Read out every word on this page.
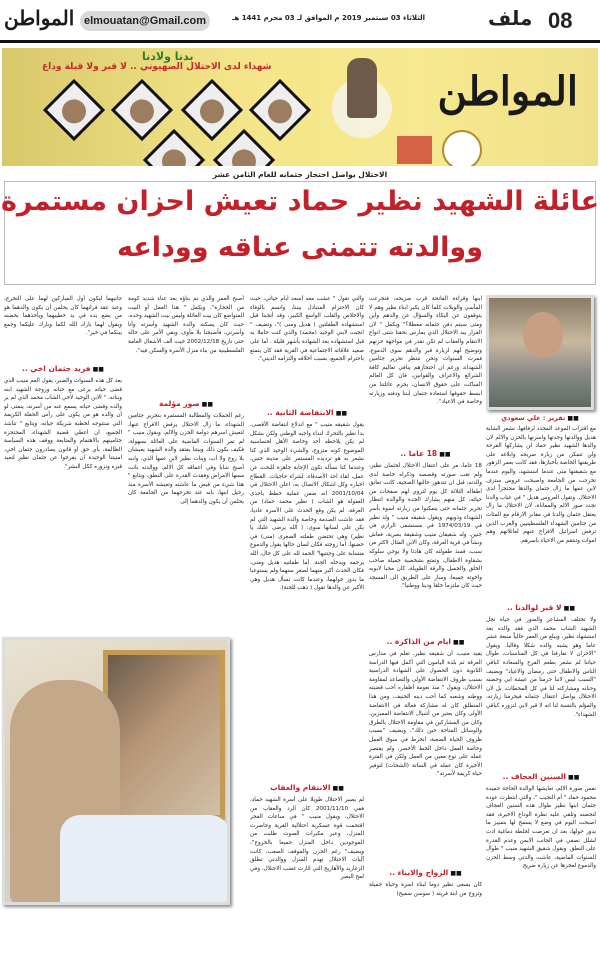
08
ملف
الثلاثاء 03 سبتمبر 2019 م الموافق لـ 03 محرم 1441 هـ
elmouatan@Gmail.com
المواطن
المواطن
بدنا ولادنا
شهداء لدى الاحتلال الصهيوني .. لا قبر ولا قبلة وداع
الاحتلال يواصل احتجاز جثمانه للعام الثامن عشر
عائلة الشهيد نظير حماد تعيش احزان مستمرة
ووالدته تتمنى عناقه ووداعه
■■ تقرير : علي سعودي
مع اقتراب الموعد المحدد لزفافها، تشعر الشابة هديل ووالدتها وجدتها واسرتها بالحزن والالم لان والدها الشهيد نظير حماد لن يشاركها الفرحة ولن تتمكن من زيارة ضريحه وابلاغه على طريقتها الخاصة بأخبارها، فقد كانت بعمر الزهور مع شقيقتها منى عندما استشهد، واليوم عندما تخرجت من الجامعة واصبحت عروس ستزف لابن عمها ما زال جثمان والدها محتجزاً لدى الاحتلال. وتقول العروس هديل " في غياب والدنا نجدد صور الالم والمعاناة، لان الاحتلال ما زال يعتقل جثمان والدنا في مقابر الارقام مع المئات من جثامين الشهداء الفلسطينيين والعرب الذين ترفض اسرائيل الافراج عنهم لعائلاتهم وهم اموات وتنتقم من الاحياء باسرهم.
■■ لا قبر لوالدنا ..
ولا تختلف المشاعر والصور في حياة نجل الشهيد الشاب محمد الذي فقد والده بعد استشهاد نظير، ويبلغ من العمر حالياً سبعة عشر عاما وهو يشبه والده شكلا وقالبا. ويقول "الاحزان لا تفارقنا في كل المناسبات، طوال حياتنا لم نشعر بطعم الفرح والسعادة كباقي الناس والاطفال حتى رمضان والاعياد" ويضيف "السبب ليس لاننا حرمنا من عيشة ابي وحضنه وحنانه ومشاركته لنا في كل المحطات، بل لان الاحتلال يواصل اعتقال جثمانه فيحرمنا زيارته، والمؤلم بالنسبة لنا انه لا قبر لابي لنزوره كباقي الشهداء".
■■ السنين العجاف ..
نفس صورة الالم، تعايشها الوالدة الحاجة حميدة محمود حماد " أم النجيب "، والتي انتظرت عودة جثمان ابنها نظير طوال هذه السنين العجاف لتحضنه وتلقي عليه نظرة الوداع الاخيرة، فقد اصبحت اليوم في وضع لا يسمح لها بتمييز ما يدور حولها، بعد ان تعرضت لجلطة دماغية ادت لشلل نصفي في الجانب الايمن وعدم القدرة على النطق. ويقول شقيق الشهيد منيب " طوال السنوات الماضية، عاشت والدتي وسط الحزن والدموع لعجزها عن زيارة ضريح
ابنها وقراءة الفاتحة قرب ضريحه، فتجرعت المآسي والويلات كلما كان يكبر ابناء نظير وهم لا يتوقفون عن البكاء والسؤال عن والدهم وأين ومتى سيتم دفن جثمانه معطلا؟" ويكمل " لان القرار بيد الاحتلال الذي يمارس بحقنا شتى انواع الانتقام والعقاب لم تكن تقدر في مواجهة حزنهم وتوضيح لهم لزيارة قبر والدهم سوى الدموع، فمرت السنوات ونحن ننتظر تحرير جثامين الشهداء، ورغم ان احتجازهم ينافي تعاليم كافة الشرائع والاعراف والقوانين، فان كل العالم الساكت على حقوق الانسان، يحرم عائلتنا من ابسط حقوقها استعادة جثمان ابننا ودفنه وزيارته وخاصة في الاعياد".
■■ 18 عاما ..
18 عاما، مر على اعتقال الاحتلال لجثمان نظير، ولم تغب صورته وقصصه وذكراه خاصة لدى والدته، قبل ان تتدهور حالتها الصحية، كانت تعانق اطفاله الثلاثة كل يوم لتروي لهم صفحات من حياته، كل منهم يشارك الجدة والوالدة انتظار تحرير جثمانه حتى يتمكنوا من زيارته اسوة بأسر الشهداء وذويهم. ويقول شقيقه منيب " ولد نظير في 1974/03/19 في مستشفى الرازي في جنين، وله شقيقان منيب وشقيقة بصرية، فعاش ونشأ في قرية العرقة، وكان الابن المثال لاكثر من سبب، فمنذ طفولته كان هادئا ولا يوحي سلوكه بشقاوة الاطفال، وتمتع بشخصية جميلة صاحب الخلق والجميل والرقة الطويلة، كان محبا لابويه واخوته جميعا، وسار على الطريق الى المسجد حيث كان ملتزما خلقا ودينا ووطنيا".
■■ ايام من الذاكرة ..
يفيد منيب، أن شقيقه نظير، تعلم في مدارس العرقة ثم بلدة اليامون التي أكمل فيها الدراسة الثانوية دون الحصول على الشهادة الدراسية بسبب ظروف الانتفاضة الأولى والتصاعد لمقاومة الاحتلال، ويقول " منذ نعومة أظفاره أحب قضيته ووطنه وشعبه كما أحب دينه الحنيف، ومن هذا المنطلق كان له مشاركة فعالة في الانتفاضة الأولى وكان يعتبر من أشبال الانتفاضة المميزين، وكان من المشاركين في مقاومة الاحتلال بالطرق والوسائل المتاحة حين ذلك"، ويضيف "بسبب ظروف الحياة الصعبة، انخرط في سوق العمل وخاصة العمل داخل الخط الأخضر، ولم يقتصر عمله على نوع معين من العمل ولكن في الفترة الأخيرة كان عمله في الساتة (الشحات) لتوفير حياة كريمة لأسرته".
■■ الزواج والابناء ..
كان يسعى نظير دوما لبناء اسرة وحياة جميلة وتزوج من ابنة قريته ( سوسن سميح)
والتي تقول " عشت معه أسعد أيام حياتي، حيث كان الاحترام المتبادل بيننا، واتسم بالوفاء والاخلاص والقلب الواسع الكبير، وقد أنجبنا قبل استشهاده الطفلتين ( هديل ومنى )"، وتضيف " انجبت لابني الوحيد (محمد) والذي كنت حاملا به قبل استشهاده بعد الشهادة بأشهر قليلة . أما على صعيد علاقاته الاجتماعية في القرية فقد كان يتمتع باحترام الجميع، بسبب أخلاقه والتزامه الديني".
■■ الانتفاضة الثانية ..
يقول شقيقه منيب " مع اندلاع انتفاضة الأقصى، بدأ نظير بالتحرك لنداء واجبه الوطني ولكن بشكل لم يكن يلاحظه أحد وخاصة الأهل لحساسية الموضوع كونه متزوج، والشيء الوحيد الذي كنا نشعر به هو ترديده المستمر على مدينة جنين، وعندما كنا نسأله تكون الإجابة جاهزة للبحث عن عمل، لقاء احد الأصدقاء، لشراء حاجيات. القطاع اخباره وكل اشكال الاتصال به، اعلن الاحتلال في 2001/10/04 انه ضمن عملية خطط باحدى العفولة هو الشاب ( نظير محمد حماد) من العرقة. لم يكن وقع الحدث على الأسرة عاديا، فقد عاشت الصدمة وخاصة والدة الشهيد التي لم يكن على لسانها سوى: ( الله يرضى عليك يا نظير) وهي تحتضن طفلته الصغرى (منى) في حضنها. أما زوجته فكان لسان حالها يقول والدموع منسابة على وجنتيها" الحمد لله على كل حال، الله يرحمه ويدخله الجنة. أما طفلتيه هديل ومنى، فكان الحدث أكبر منهما لصغر سنهما ولم يستوعبا ما يدور حولهما، وعندما كانت تسأل هديل وهي الأكبر عن والدها تقول ( ذهب للجنة).
■■ الانتقام والعقاب
لم يصبر الاحتلال طويلا على أسرة الشهيد حماد، ففي 2001/11/10 كان الرد والعقاب من الاحتلال، ويقول منيب " في ساعات الفجر اقتحمت قوة عسكرية احتلالية القرية وحاصرت المنزل، وعبر مكبرات الصوت طلبت من الموجودين داخل المنزل جميعا بالخروج"، ويضيف" رغم الحزن والموقف الصعب، كانت آليات الاحتلال تهدم المنزل ووالدتي تطلق الزغاريد والأهازيج التي اثارت غضب الاحتلال، وفي لمح البصر
أصبح العمر والذي تم بناؤه بعد عناء شديد كومة من الحجارة"، ويكمل " هذا العمل أو البيت المتواضع كان بيت العائلة وليس بيت الشهيد وحده، حيث كان يسكنه والدة الشهيد وأسرته وأنا وأسرتي، فأصبحنا بلا مأوى، وبقي الأمر على حاله حتى تاريخ 2002/12/18 حيث ألف الأشغال العامة الفلسطينية من بناء منزل الأسرة والسكن فيه".
■■ صور مؤلمة
رغم الحملات والمطالبة المستمرة بتحرير جثامين الشهداء، ما زال الاحتلال يرفض الافراج عنها، لتعيش اسرهم دوامة الحزن والالم، ويقول منيب " لم تمر السنوات الماضية على العائلة بسهولة، فكيف يكون ذلك وبيتنا يفتقد والدة الشهيد يعيشان بلا زوج ولا أب، وبنات نظير لابن عمها الذي، وابنه أصبح شابا وفي اعماقه كل الالم، ووالدته باتت مسها الامراض وفقدت القدرة على النطق، ويتابع " هذا شيء من فيض ما عاشته وتعيشه الأسرة منذ رحيل ابنها، بانه عند تخرجهما من الجامعة كان يحلمن أن يكون والدهما إلى
جانبهما ليكون أول المباركين لهما على التخرج، وعند عقد قرانهما كان يحلمن أن يكون والدهما هو من يضع يده في يد خطيبهما ويأخذهما بحضنه ويقول لهما بارك الله لكما وبارك عليكما وجمع بينكما في خير".
■■ فريد جثمان اخي ..
بعد كل هذه السنوات والصبر، يقول العم منيب الذي قضى حياته يرعى مع حنانه وزوجة الشهيد ابنه وبناته، " الابن الوحيد لأخي الشاب محمد الذي لم ير والده وقضى حياته يسمع عنه من أسرته، يتمنى لو أن والده هو من يكون على رأس الحفلة الكريمة التي ستتوجه لخطبة شريكة حياته، ويتابع " تناشد الجميع، ان اعطي قضية الشهداء، المحتجزة جثامينهم بالاهتمام والمتابعة ووقف هذه السياسة الظالمة، بأي حق او قانون يصادرون جثمان اخي، امنيتنا الوحيدة ان يفرجوا عن جثمان نظير لنعيد قبره ونزوره ككل البشر".
